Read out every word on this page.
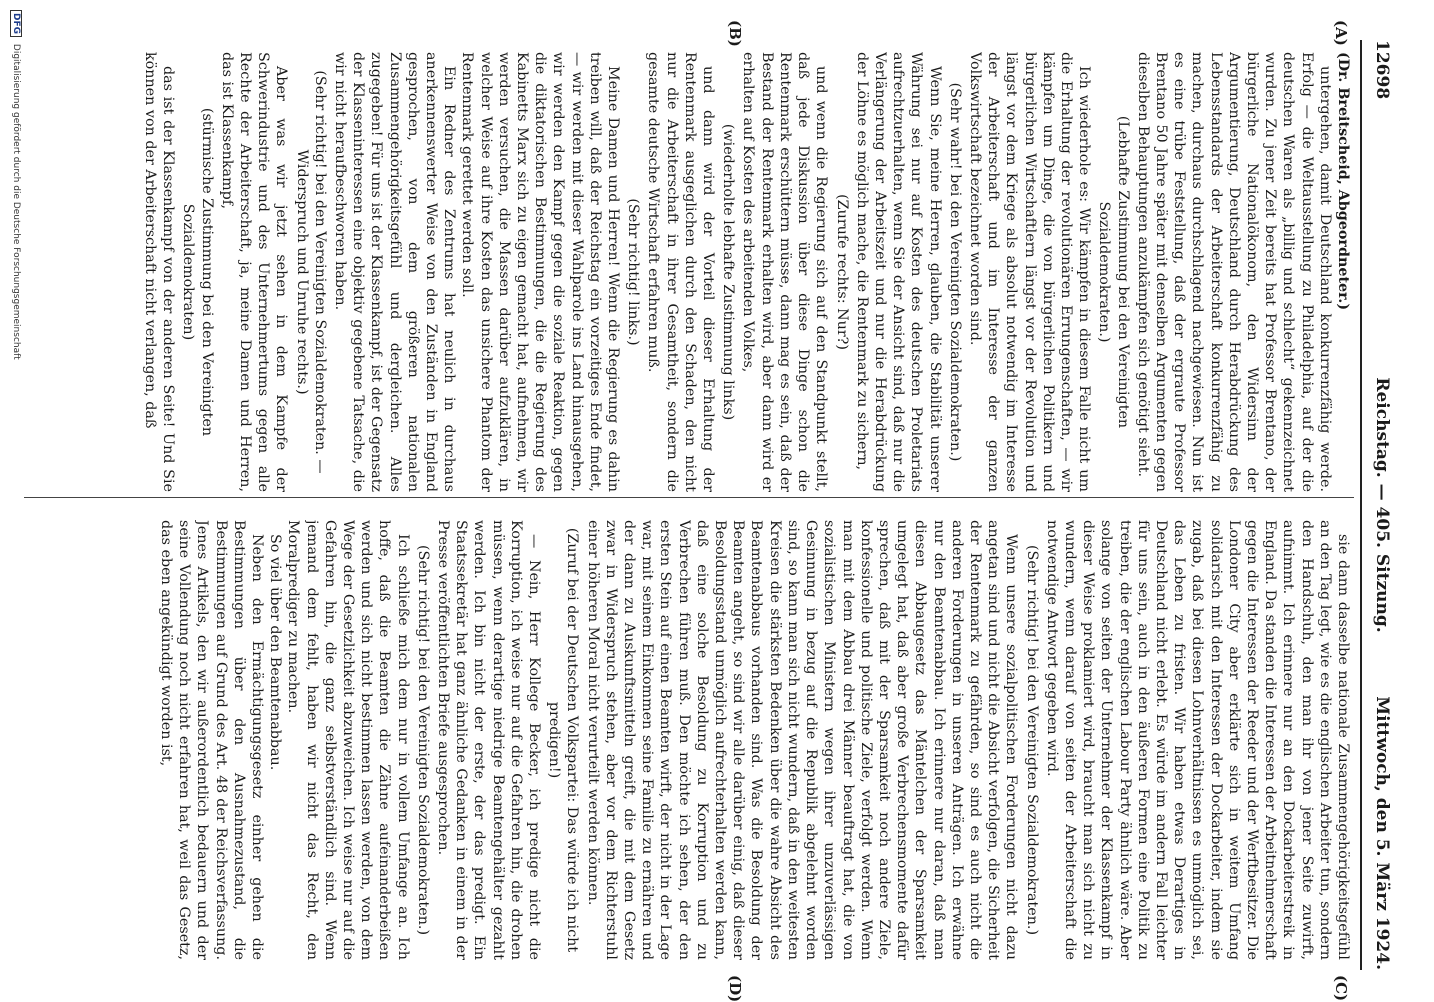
12698
Reichstag. — 405. Sitzung.
Mittwoch, den 5. März 1924.
(A)
(B)
(C)
(D)

(Dr. Breitscheid, Abgeordneter.)

untergehen, damit Deutschland konkurrenzfähig werde. Erfolg — die Weltausstellung zu Philadelphia, auf der die deutschen Waren als „billig und schlecht“ gekennzeichnet wurden. Zu jener Zeit bereits hat Professor Brentano, der bürgerliche Nationalökonom, den Widersinn der Argumentierung, Deutschland durch Herabdrückung des Lebensstandards der Arbeiterschaft konkurrenzfähig zu machen, durchaus durchschlagend nachgewiesen. Nun ist es eine trübe Feststellung, daß der ergraute Professor Brentano 50 Jahre später mit denselben Argumenten gegen dieselben Behauptungen anzukämpfen sich genötigt sieht.

(Lebhafte Zustimmung bei den Vereinigten Sozialdemokraten.)

Ich wiederhole es: Wir kämpfen in diesem Falle nicht um die Erhaltung der revolutionären Errungenschaften, — wir kämpfen um Dinge, die von bürgerlichen Politikern und bürgerlichen Wirtschaftlern längst vor der Revolution und längst vor dem Kriege als absolut notwendig im Interesse der Arbeiterschaft und im Interesse der ganzen Volkswirtschaft bezeichnet worden sind.

(Sehr wahr! bei den Vereinigten Sozialdemokraten.)

Wenn Sie, meine Herren, glauben, die Stabilität unserer Währung sei nur auf Kosten des deutschen Proletariats aufrechtzuerhalten, wenn Sie der Ansicht sind, daß nur die Verlängerung der Arbeitszeit und nur die Herabdrückung der Löhne es möglich mache, die Rentenmark zu sichern,

(Zurufe rechts: Nur?)

und wenn die Regierung sich auf den Standpunkt stellt, daß jede Diskussion über diese Dinge schon die Rentenmark erschüttern müsse, dann mag es sein, daß der Bestand der Rentenmark erhalten wird, aber dann wird er erhalten auf Kosten des arbeitenden Volkes,

(wiederholte lebhafte Zustimmung links)

und dann wird der Vorteil dieser Erhaltung der Rentenmark ausgeglichen durch den Schaden, den nicht nur die Arbeiterschaft in ihrer Gesamtheit, sondern die gesamte deutsche Wirtschaft erfahren muß.

(Sehr richtig! links.)

Meine Damen und Herren! Wenn die Regierung es dahin treiben will, daß der Reichstag ein vorzeitiges Ende findet, — wir werden mit dieser Wahlparole ins Land hinausgehen, wir werden den Kampf gegen die soziale Reaktion, gegen die diktatorischen Bestimmungen, die die Regierung des Kabinetts Marx sich zu eigen gemacht hat, aufnehmen, wir werden versuchen, die Massen darüber aufzuklären, in welcher Weise auf ihre Kosten das unsichere Phantom der Rentenmark gerettet werden soll.

Ein Redner des Zentrums hat neulich in durchaus anerkennenswerter Weise von den Zuständen in England gesprochen, von dem größeren nationalen Zusammengehörigkeitsgefühl und dergleichen. Alles zugegeben! Für uns ist der Klassenkampf, ist der Gegensatz der Klasseninteressen eine objektiv gegebene Tatsache, die wir nicht heraufbeschworen haben.

(Sehr richtig! bei den Vereinigten Sozialdemokraten. — Widerspruch und Unruhe rechts.)

Aber was wir jetzt sehen in dem Kampfe der Schwerindustrie und des Unternehmertums gegen alle Rechte der Arbeiterschaft, ja, meine Damen und Herren, das ist Klassenkampf,

(stürmische Zustimmung bei den Vereinigten Sozialdemokraten)

das ist der Klassenkampf von der anderen Seite! Und Sie können von der Arbeiterschaft nicht verlangen, daß

sie dann dasselbe nationale Zusammengehörigkeitsgefühl an den Tag legt, wie es die englischen Arbeiter tun, sondern den Handschuh, den man ihr von jener Seite zuwirft, aufnimmt. Ich erinnere nur an den Dockarbeiterstreik in England. Da standen die Interessen der Arbeitnehmerschaft gegen die Interessen der Reeder und der Werftbesitzer. Die Londoner City aber erklärte sich in weitem Umfang solidarisch mit den Interessen der Dockarbeiter, indem sie zugab, daß bei diesen Lohnverhältnissen es unmöglich sei, das Leben zu fristen. Wir haben etwas Derartiges in Deutschland nicht erlebt. Es würde im andern Fall leichter für uns sein, auch in den äußeren Formen eine Politik zu treiben, die der englischen Labour Party ähnlich wäre. Aber solange von seiten der Unternehmer der Klassenkampf in dieser Weise proklamiert wird, braucht man sich nicht zu wundern, wenn darauf von seiten der Arbeiterschaft die notwendige Antwort gegeben wird.

(Sehr richtig! bei den Vereinigten Sozialdemokraten.)

Wenn unsere sozialpolitischen Forderungen nicht dazu angetan sind und nicht die Absicht verfolgen, die Sicherheit der Rentenmark zu gefährden, so sind es auch nicht die anderen Forderungen in unseren Anträgen. Ich erwähne nur den Beamtenabbau. Ich erinnere nur daran, daß man diesen Abbaugesetz das Mäntelchen der Sparsamkeit umgelegt hat, daß aber große Verbrechensmomente dafür sprechen, daß mit der Sparsamkeit noch andere Ziele, konfessionelle und politische Ziele, verfolgt werden. Wenn man mit dem Abbau drei Männer beauftragt hat, die von sozialistischen Ministern wegen ihrer unzuverlässigen Gesinnung in bezug auf die Republik abgelehnt worden sind, so kann man sich nicht wundern, daß in den weitesten Kreisen die stärksten Bedenken über die wahre Absicht des Beamtenabbaus vorhanden sind. Was die Besoldung der Beamten angeht, so sind wir alle darüber einig, daß dieser Besoldungsstand unmöglich aufrechterhalten werden kann, daß eine solche Besoldung zu Korruption und zu Verbrechen führen muß. Den möchte ich sehen, der den ersten Stein auf einen Beamten wirft, der nicht in der Lage war, mit seinem Einkommen seine Familie zu ernähren und der dann zu Auskunftsmitteln greift, die mit dem Gesetz zwar in Widerspruch stehen, aber vor dem Richterstuhl einer höheren Moral nicht verurteilt werden können.

(Zuruf bei der Deutschen Volkspartei: Das würde ich nicht predigen!)

— Nein, Herr Kollege Becker, ich predige nicht die Korruption, ich weise nur auf die Gefahren hin, die drohen müssen, wenn derartige niedrige Beamtengehälter gezahlt werden. Ich bin nicht der erste, der das predigt. Ein Staatssekretär hat ganz ähnliche Gedanken in einem in der Presse veröffentlichten Briefe ausgesprochen.

(Sehr richtig! bei den Vereinigten Sozialdemokraten.)

Ich schließe mich dem nur in vollem Umfange an. Ich hoffe, daß die Beamten die Zähne aufeinanderbeißen werden und sich nicht bestimmen lassen werden, von dem Wege der Gesetzlichkeit abzuweichen. Ich weise nur auf die Gefahren hin, die ganz selbstverständlich sind. Wenn jemand dem fehlt, haben wir nicht das Recht, den Moralprediger zu machen.

So viel über den Beamtenabbau.

Neben den Ermächtigungsgesetz einher gehen die Bestimmungen über den Ausnahmezustand, die Bestimmungen auf Grund des Art. 48 der Reichsverfassung. Jenes Artikels, den wir außerordentlich bedauern und der seine Vollendung noch nicht erfahren hat, weil das Gesetz, das eben angekündigt worden ist,

DFG Digitalisierung gefördert durch die Deutsche Forschungsgemeinschaft
